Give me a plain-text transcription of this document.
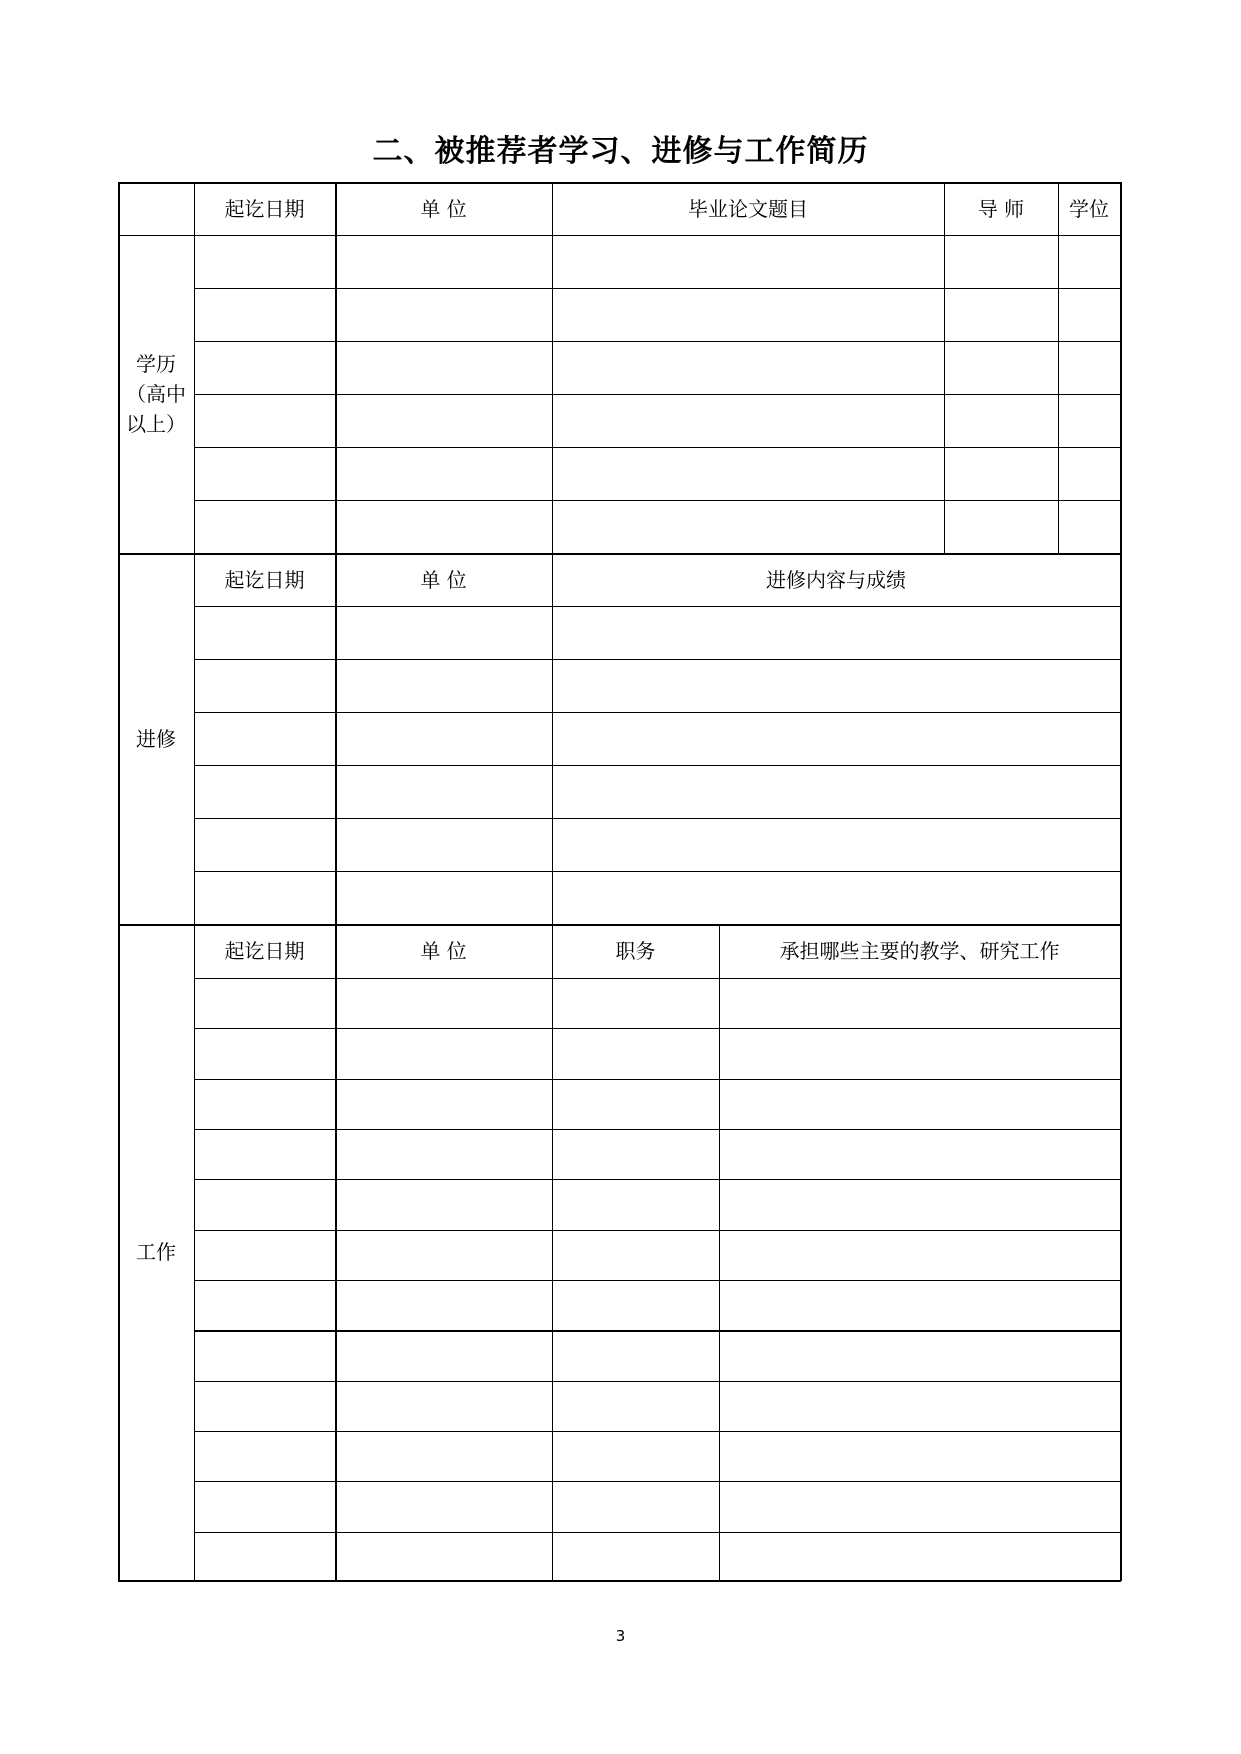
二、被推荐者学习、进修与工作简历
起讫日期	单 位	毕业论文题目	导 师	学位
学历
（高中
以上）
起讫日期	单 位	进修内容与成绩
进修
起讫日期	单 位	职务	承担哪些主要的教学、研究工作
工作
3
